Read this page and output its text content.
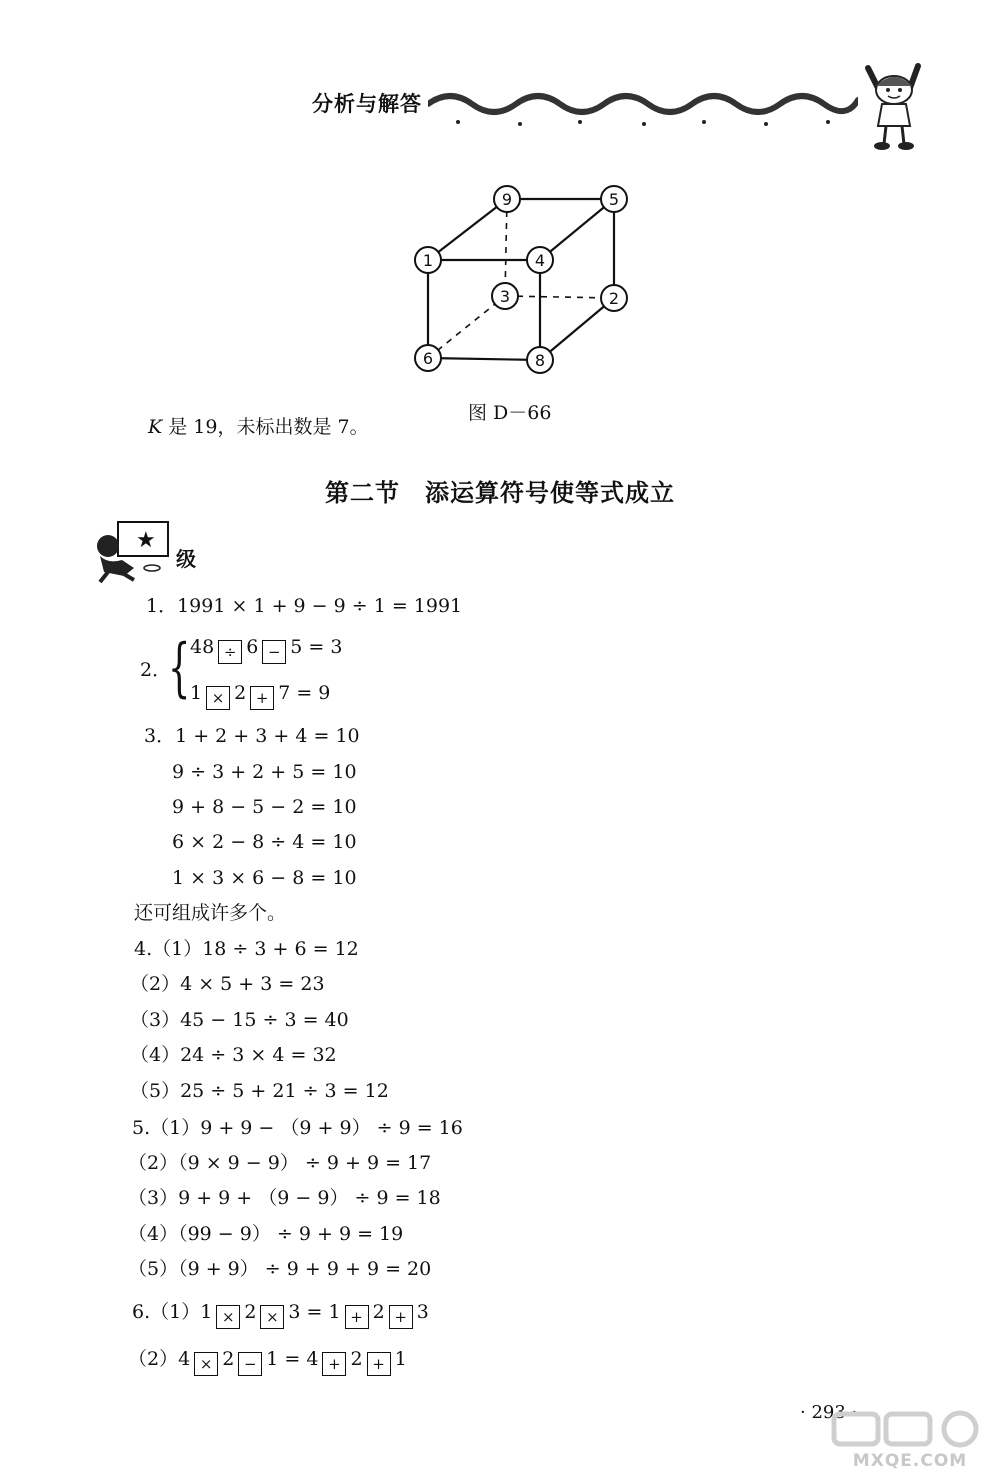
分析与解答
9	5
1	4
3	2
6	8
图 D－66
K 是 19，未标出数是 7。
第二节　添运算符号使等式成立
★
级
1．1991 × 1 + 9 − 9 ÷ 1 = 1991
2．
{ 48 ÷ 6 − 5 = 3
1 × 2 + 7 = 9
3．1 + 2 + 3 + 4 = 10
9 ÷ 3 + 2 + 5 = 10
9 + 8 − 5 − 2 = 10
6 × 2 − 8 ÷ 4 = 10
1 × 3 × 6 − 8 = 10
还可组成许多个。
4.（1）18 ÷ 3 + 6 = 12
（2）4 × 5 + 3 = 23
（3）45 − 15 ÷ 3 = 40
（4）24 ÷ 3 × 4 = 32
（5）25 ÷ 5 + 21 ÷ 3 = 12
5.（1）9 + 9 − （9 + 9） ÷ 9 = 16
（2）（9 × 9 − 9） ÷ 9 + 9 = 17
（3）9 + 9 + （9 − 9） ÷ 9 = 18
（4）（99 − 9） ÷ 9 + 9 = 19
（5）（9 + 9） ÷ 9 + 9 + 9 = 20
6.（1）1 × 2 × 3 = 1 + 2 + 3
（2）4 × 2 − 1 = 4 + 2 + 1
· 293 ·
MXQE.COM
